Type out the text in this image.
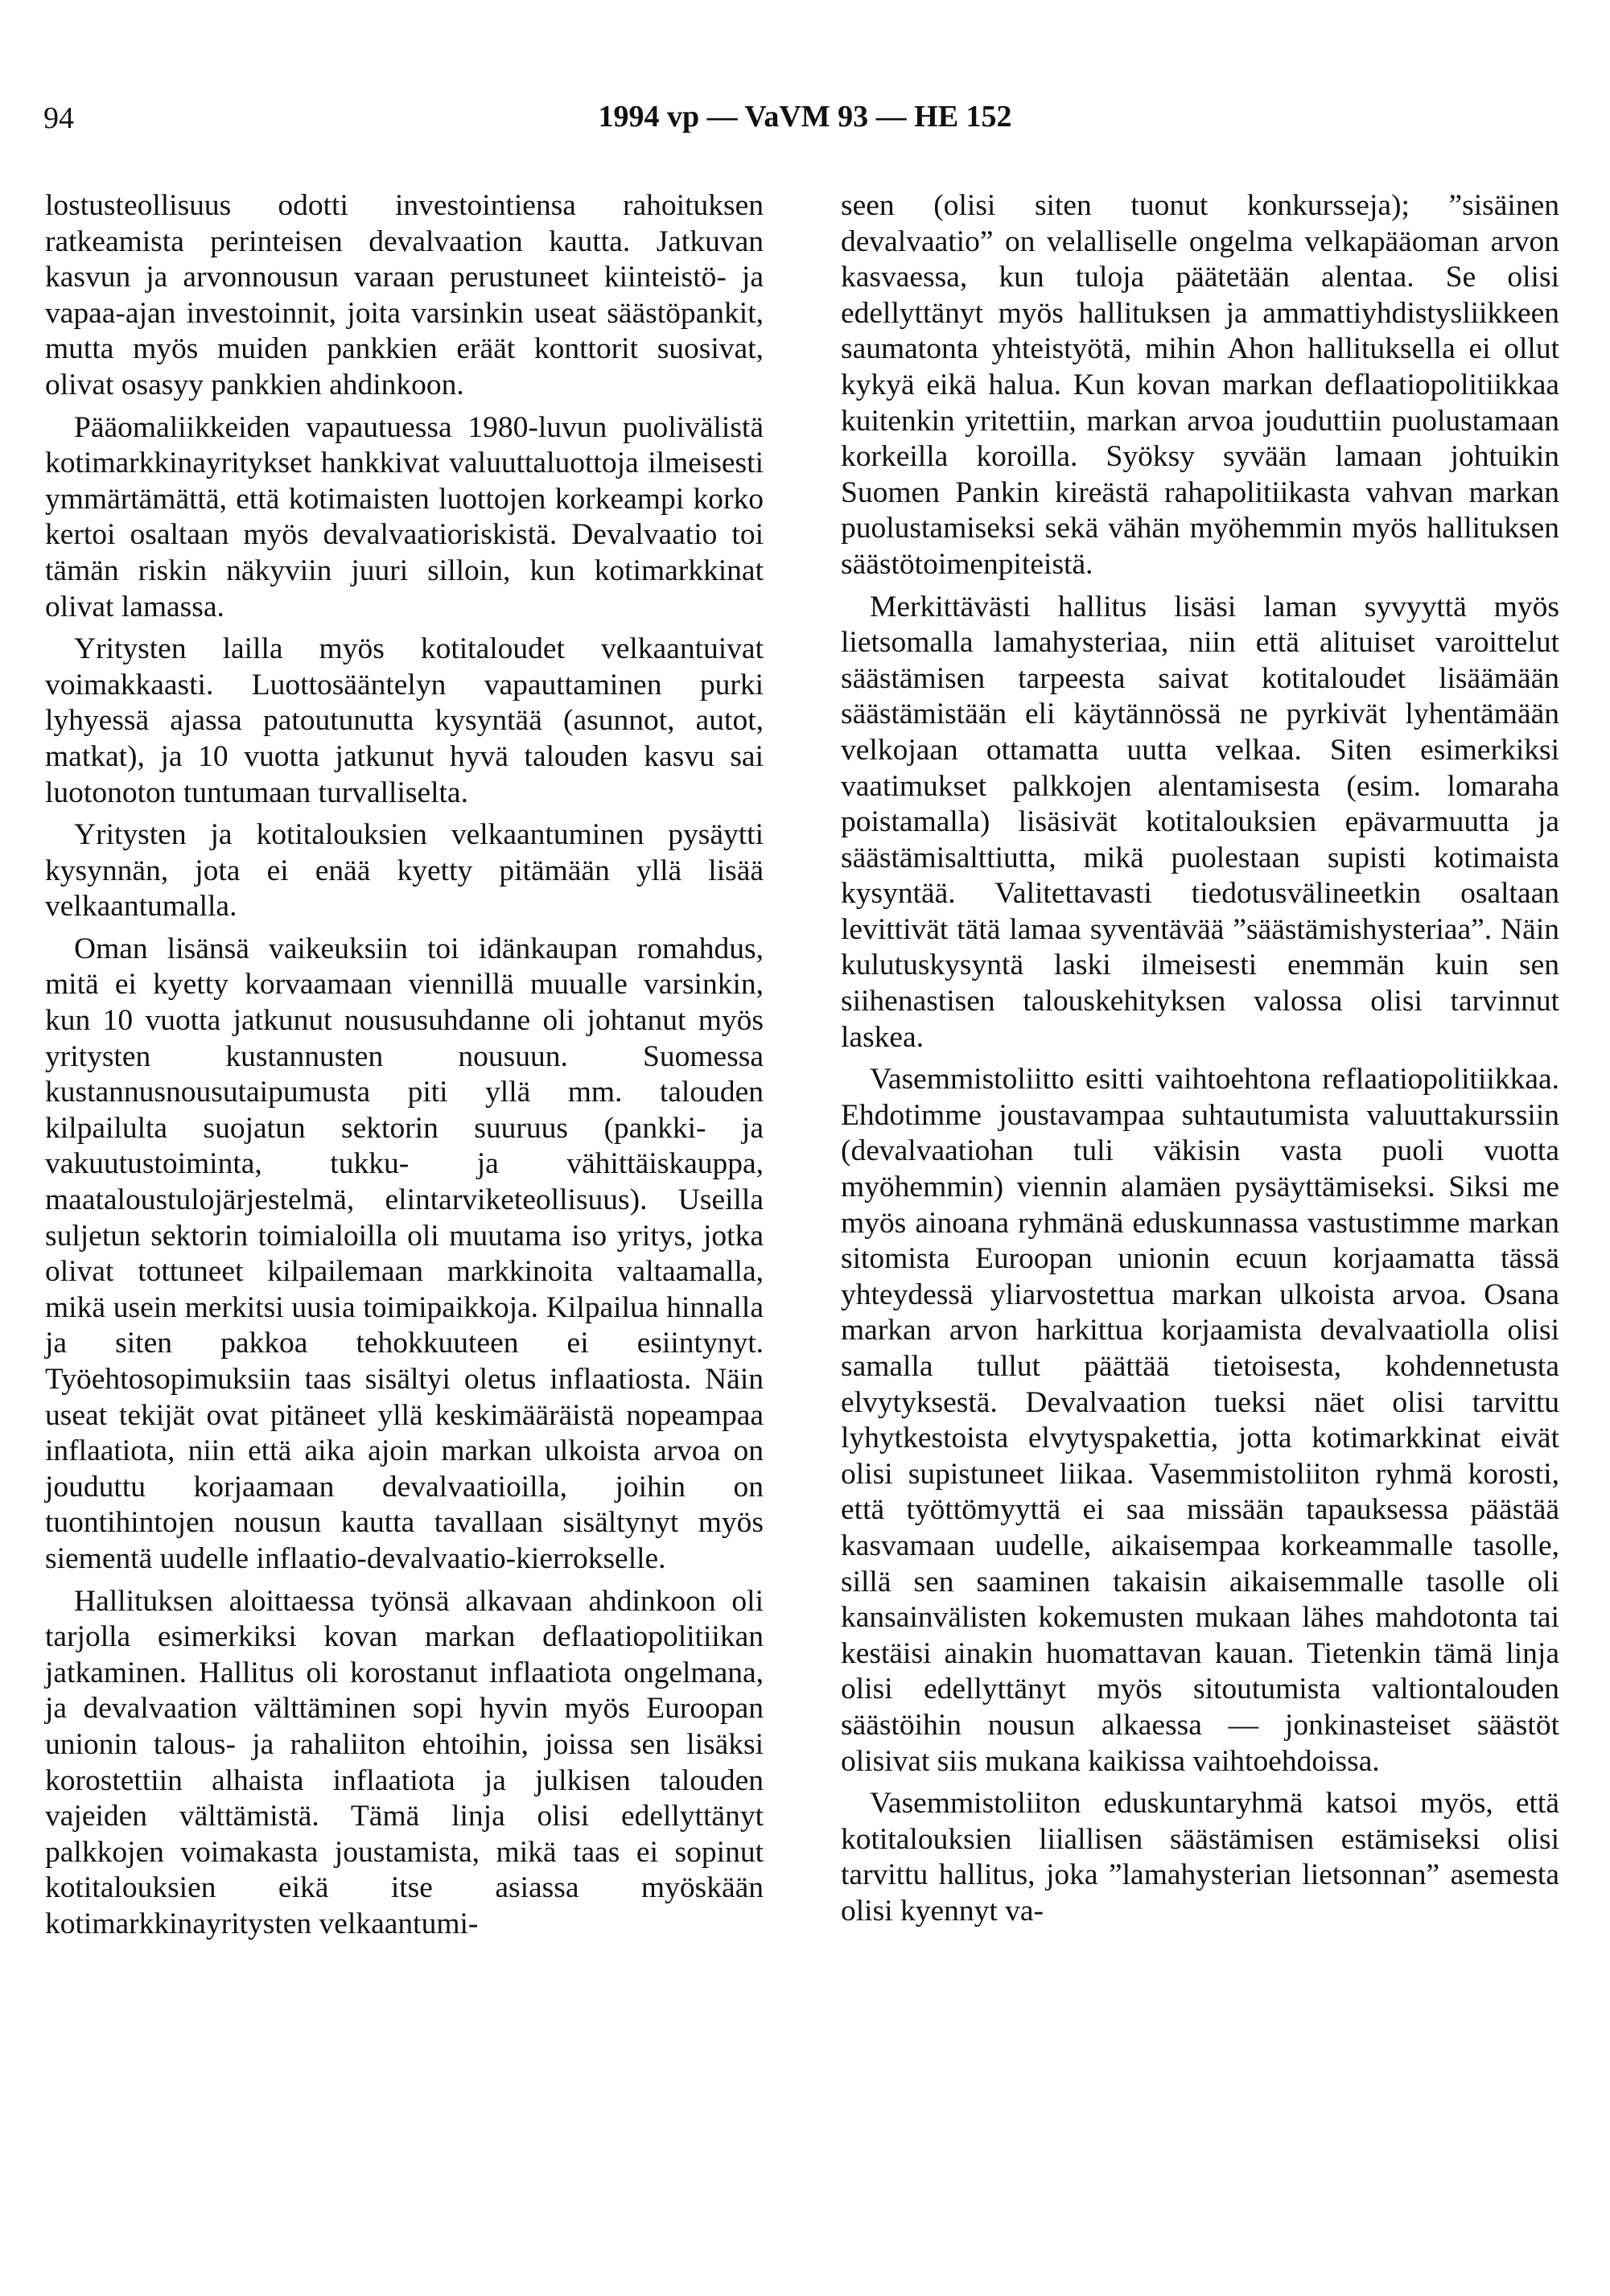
94	1994 vp — VaVM 93 — HE 152

lostusteollisuus odotti investointiensa rahoituksen ratkeamista perinteisen devalvaation kautta. Jatkuvan kasvun ja arvonnousun varaan perustuneet kiinteistö- ja vapaa-ajan investoinnit, joita varsinkin useat säästöpankit, mutta myös muiden pankkien eräät konttorit suosivat, olivat osasyy pankkien ahdinkoon.

Pääomaliikkeiden vapautuessa 1980-luvun puolivälistä kotimarkkinayritykset hankkivat valuuttaluottoja ilmeisesti ymmärtämättä, että kotimaisten luottojen korkeampi korko kertoi osaltaan myös devalvaatioriskistä. Devalvaatio toi tämän riskin näkyviin juuri silloin, kun kotimarkkinat olivat lamassa.

Yritysten lailla myös kotitaloudet velkaantuivat voimakkaasti. Luottosääntelyn vapauttaminen purki lyhyessä ajassa patoutunutta kysyntää (asunnot, autot, matkat), ja 10 vuotta jatkunut hyvä talouden kasvu sai luotonoton tuntumaan turvalliselta.

Yritysten ja kotitalouksien velkaantuminen pysäytti kysynnän, jota ei enää kyetty pitämään yllä lisää velkaantumalla.

Oman lisänsä vaikeuksiin toi idänkaupan romahdus, mitä ei kyetty korvaamaan viennillä muualle varsinkin, kun 10 vuotta jatkunut noususuhdanne oli johtanut myös yritysten kustannusten nousuun. Suomessa kustannusnousutaipumusta piti yllä mm. talouden kilpailulta suojatun sektorin suuruus (pankki- ja vakuutustoiminta, tukku- ja vähittäiskauppa, maataloustulojärjestelmä, elintarviketeollisuus). Useilla suljetun sektorin toimialoilla oli muutama iso yritys, jotka olivat tottuneet kilpailemaan markkinoita valtaamalla, mikä usein merkitsi uusia toimipaikkoja. Kilpailua hinnalla ja siten pakkoa tehokkuuteen ei esiintynyt. Työehtosopimuksiin taas sisältyi oletus inflaatiosta. Näin useat tekijät ovat pitäneet yllä keskimääräistä nopeampaa inflaatiota, niin että aika ajoin markan ulkoista arvoa on jouduttu korjaamaan devalvaatioilla, joihin on tuontihintojen nousun kautta tavallaan sisältynyt myös siementä uudelle inflaatio-devalvaatio-kierrokselle.

Hallituksen aloittaessa työnsä alkavaan ahdinkoon oli tarjolla esimerkiksi kovan markan deflaatiopolitiikan jatkaminen. Hallitus oli korostanut inflaatiota ongelmana, ja devalvaation välttäminen sopi hyvin myös Euroopan unionin talous- ja rahaliiton ehtoihin, joissa sen lisäksi korostettiin alhaista inflaatiota ja julkisen talouden vajeiden välttämistä. Tämä linja olisi edellyttänyt palkkojen voimakasta joustamista, mikä taas ei sopinut kotitalouksien eikä itse asiassa myöskään kotimarkkinayritysten velkaantumi-

seen (olisi siten tuonut konkursseja); ”sisäinen devalvaatio” on velalliselle ongelma velkapääoman arvon kasvaessa, kun tuloja päätetään alentaa. Se olisi edellyttänyt myös hallituksen ja ammattiyhdistysliikkeen saumatonta yhteistyötä, mihin Ahon hallituksella ei ollut kykyä eikä halua. Kun kovan markan deflaatiopolitiikkaa kuitenkin yritettiin, markan arvoa jouduttiin puolustamaan korkeilla koroilla. Syöksy syvään lamaan johtuikin Suomen Pankin kireästä rahapolitiikasta vahvan markan puolustamiseksi sekä vähän myöhemmin myös hallituksen säästötoimenpiteistä.

Merkittävästi hallitus lisäsi laman syvyyttä myös lietsomalla lamahysteriaa, niin että alituiset varoittelut säästämisen tarpeesta saivat kotitaloudet lisäämään säästämistään eli käytännössä ne pyrkivät lyhentämään velkojaan ottamatta uutta velkaa. Siten esimerkiksi vaatimukset palkkojen alentamisesta (esim. lomaraha poistamalla) lisäsivät kotitalouksien epävarmuutta ja säästämisalttiutta, mikä puolestaan supisti kotimaista kysyntää. Valitettavasti tiedotusvälineetkin osaltaan levittivät tätä lamaa syventävää ”säästämishysteriaa”. Näin kulutuskysyntä laski ilmeisesti enemmän kuin sen siihenastisen talouskehityksen valossa olisi tarvinnut laskea.

Vasemmistoliitto esitti vaihtoehtona reflaatiopolitiikkaa. Ehdotimme joustavampaa suhtautumista valuuttakurssiin (devalvaatiohan tuli väkisin vasta puoli vuotta myöhemmin) viennin alamäen pysäyttämiseksi. Siksi me myös ainoana ryhmänä eduskunnassa vastustimme markan sitomista Euroopan unionin ecuun korjaamatta tässä yhteydessä yliarvostettua markan ulkoista arvoa. Osana markan arvon harkittua korjaamista devalvaatiolla olisi samalla tullut päättää tietoisesta, kohdennetusta elvytyksestä. Devalvaation tueksi näet olisi tarvittu lyhytkestoista elvytyspakettia, jotta kotimarkkinat eivät olisi supistuneet liikaa. Vasemmistoliiton ryhmä korosti, että työttömyyttä ei saa missään tapauksessa päästää kasvamaan uudelle, aikaisempaa korkeammalle tasolle, sillä sen saaminen takaisin aikaisemmalle tasolle oli kansainvälisten kokemusten mukaan lähes mahdotonta tai kestäisi ainakin huomattavan kauan. Tietenkin tämä linja olisi edellyttänyt myös sitoutumista valtiontalouden säästöihin nousun alkaessa — jonkinasteiset säästöt olisivat siis mukana kaikissa vaihtoehdoissa.

Vasemmistoliiton eduskuntaryhmä katsoi myös, että kotitalouksien liiallisen säästämisen estämiseksi olisi tarvittu hallitus, joka ”lamahysterian lietsonnan” asemesta olisi kyennyt va-
